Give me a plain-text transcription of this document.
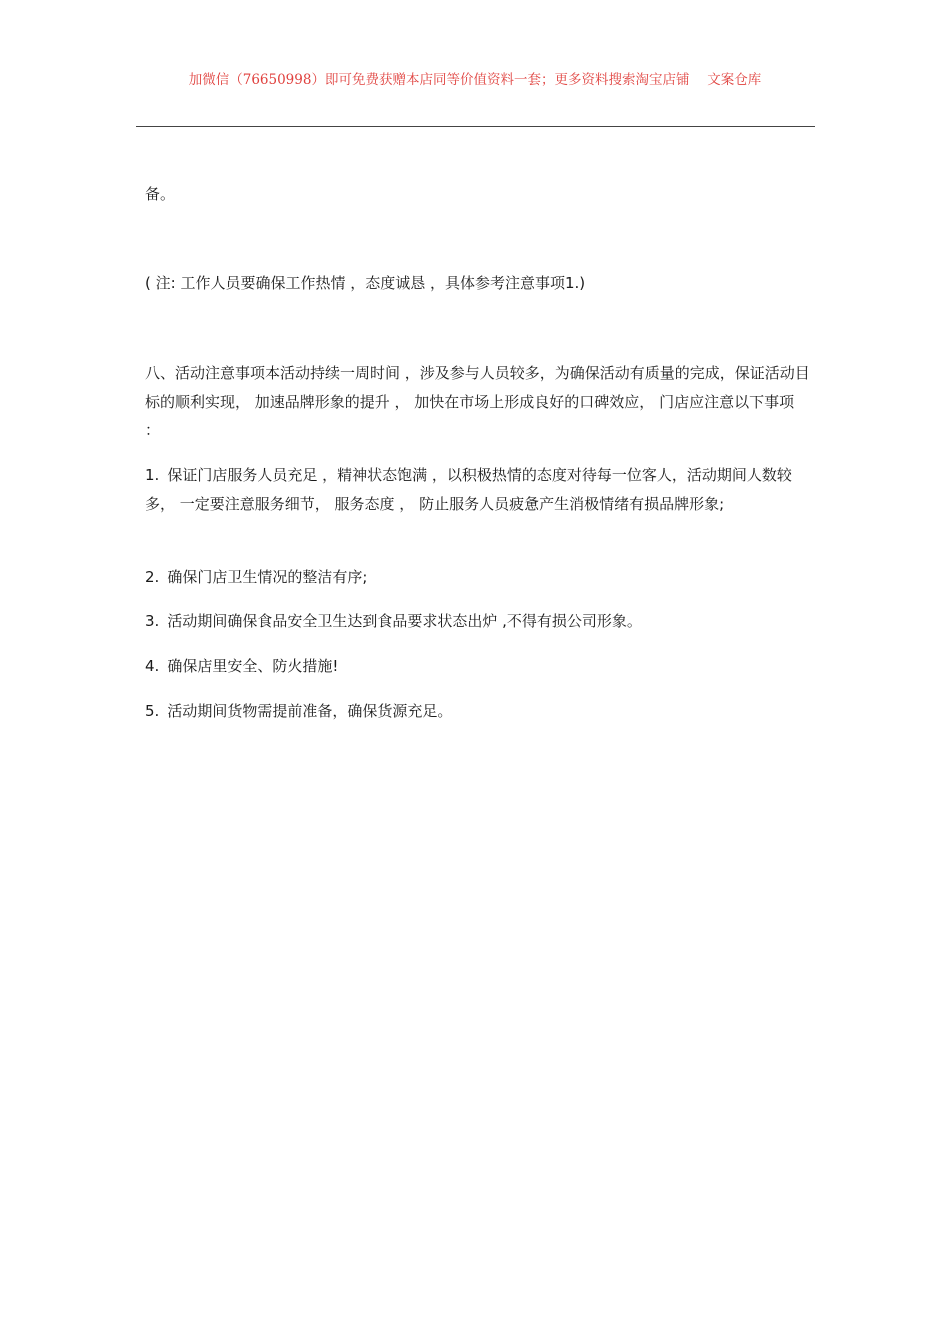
加微信（76650998）即可免费获赠本店同等价值资料一套；更多资料搜索淘宝店铺　 文案仓库
备。
( 注: 工作人员要确保工作热情 ，态度诚恳 ，具体参考注意事项1.)
八、活动注意事项本活动持续一周时间 ，涉及参与人员较多，为确保活动有质量的完成，保证活动目标的顺利实现， 加速品牌形象的提升 ， 加快在市场上形成良好的口碑效应， 门店应注意以下事项 ：
1. 保证门店服务人员充足 ，精神状态饱满 ，以积极热情的态度对待每一位客人，活动期间人数较多， 一定要注意服务细节， 服务态度 ， 防止服务人员疲惫产生消极情绪有损品牌形象;
2. 确保门店卫生情况的整洁有序;
3. 活动期间确保食品安全卫生达到食品要求状态出炉 ,不得有损公司形象。
4. 确保店里安全、防火措施!
5. 活动期间货物需提前准备，确保货源充足。
